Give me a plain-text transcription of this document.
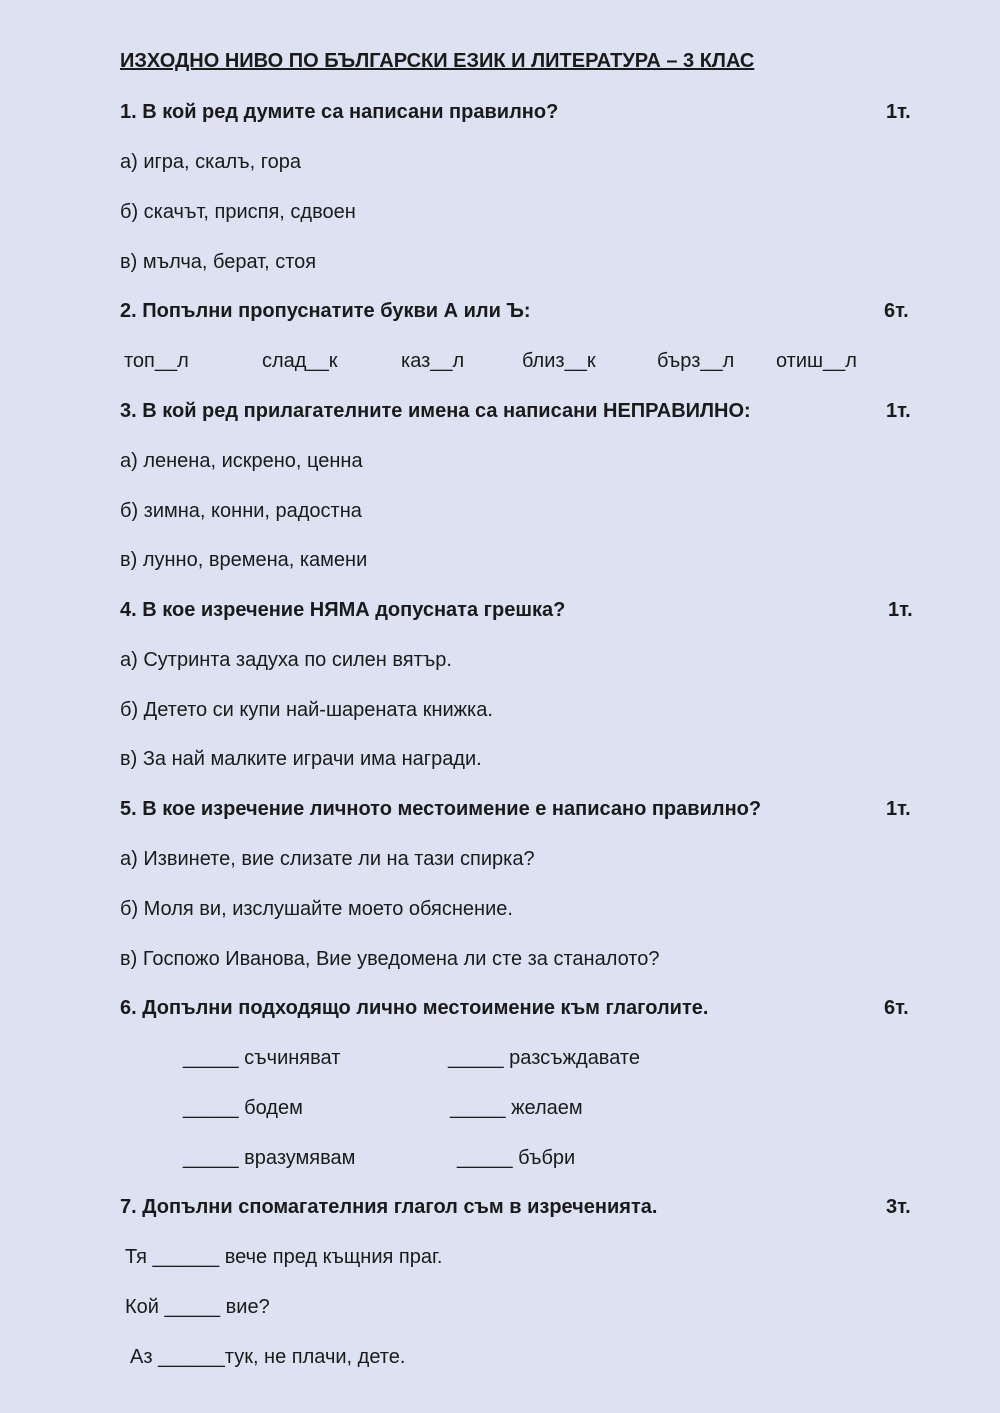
ИЗХОДНО НИВО ПО БЪЛГАРСКИ ЕЗИК И ЛИТЕРАТУРА – 3 КЛАС
1. В кой ред думите са написани правилно?	1т.
а) игра, скалъ, гора
б) скачът, приспя, сдвоен
в) мълча, берат, стоя
2. Попълни пропуснатите букви А или Ъ:	6т.
топ__л	слад__к	каз__л	близ__к	бърз__л отиш__л
3. В кой ред прилагателните имена са написани НЕПРАВИЛНО:	1т.
а) ленена, искрено, ценна
б) зимна, конни, радостна
в) лунно, времена, камени
4. В кое изречение НЯМА допусната грешка?	1т.
а) Сутринта задуха по силен вятър.
б) Детето си купи най-шарената книжка.
в) За най малките играчи има награди.
5. В кое изречение личното местоимение е написано правилно?	1т.
а) Извинете, вие слизате ли на тази спирка?
б) Моля ви, изслушайте моето обяснение.
в) Госпожо Иванова, Вие уведомена ли сте за станалото?
6. Допълни подходящо лично местоимение към глаголите.	6т.
_____ съчиняват	_____ разсъждавате
_____ бодем	_____ желаем
_____ вразумявам	_____ бъбри
7. Допълни спомагателния глагол съм в изреченията.	3т.
Тя ______ вече пред къщния праг.
Кой _____ вие?
Аз ______тук, не плачи, дете.
